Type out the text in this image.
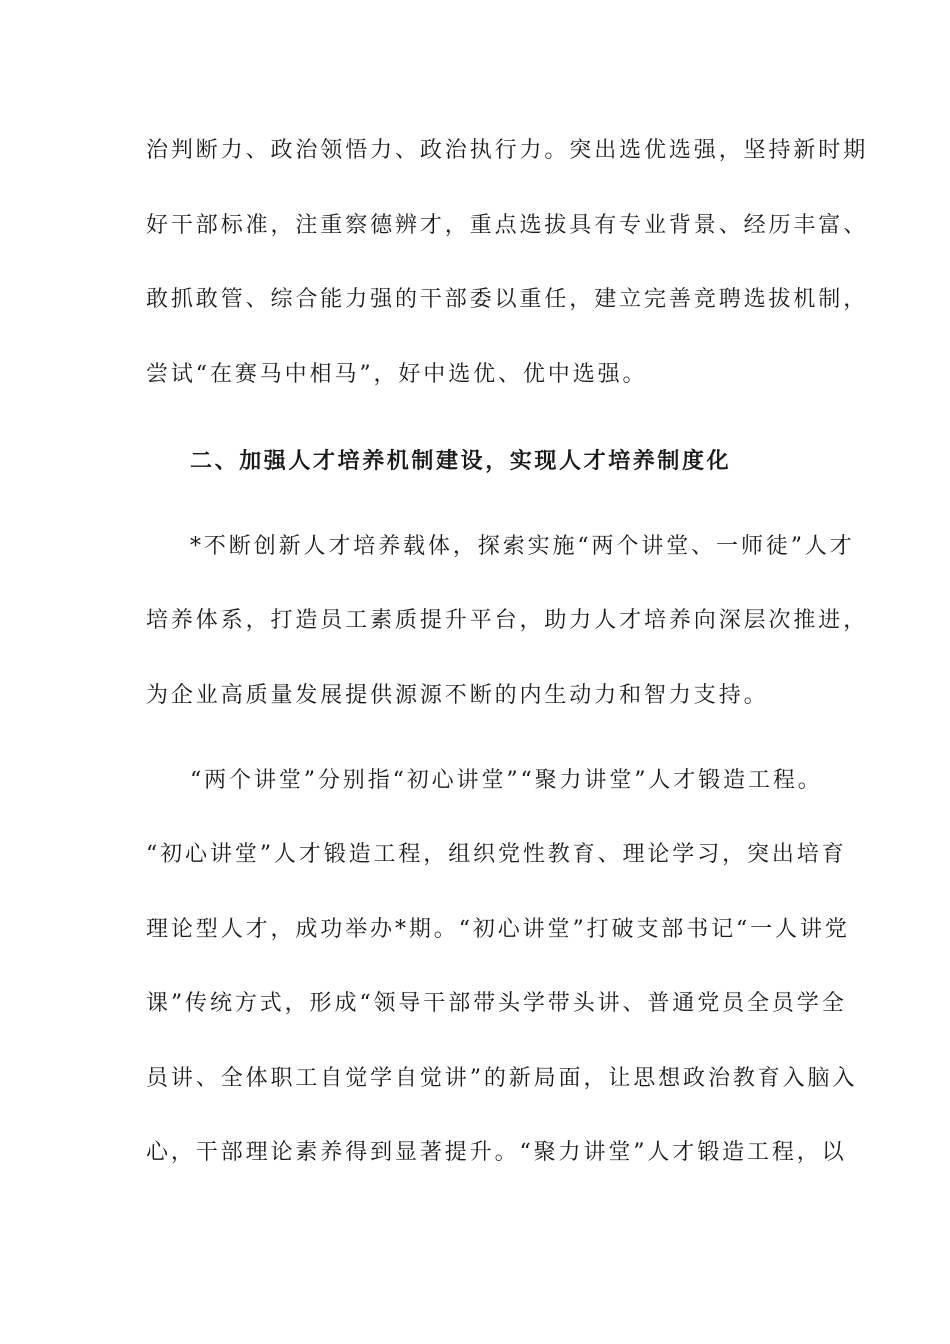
治判断力、政治领悟力、政治执行力。突出选优选强，坚持新时期
好干部标准，注重察德辨才，重点选拔具有专业背景、经历丰富、
敢抓敢管、综合能力强的干部委以重任，建立完善竞聘选拔机制，
尝试“在赛马中相马”，好中选优、优中选强。
二、加强人才培养机制建设，实现人才培养制度化
*不断创新人才培养载体，探索实施“两个讲堂、一师徒”人才
培养体系，打造员工素质提升平台，助力人才培养向深层次推进，
为企业高质量发展提供源源不断的内生动力和智力支持。
“两个讲堂”分别指“初心讲堂”“聚力讲堂”人才锻造工程。
“初心讲堂”人才锻造工程，组织党性教育、理论学习，突出培育
理论型人才，成功举办*期。“初心讲堂”打破支部书记“一人讲党
课”传统方式，形成“领导干部带头学带头讲、普通党员全员学全
员讲、全体职工自觉学自觉讲”的新局面，让思想政治教育入脑入
心，干部理论素养得到显著提升。“聚力讲堂”人才锻造工程，以
